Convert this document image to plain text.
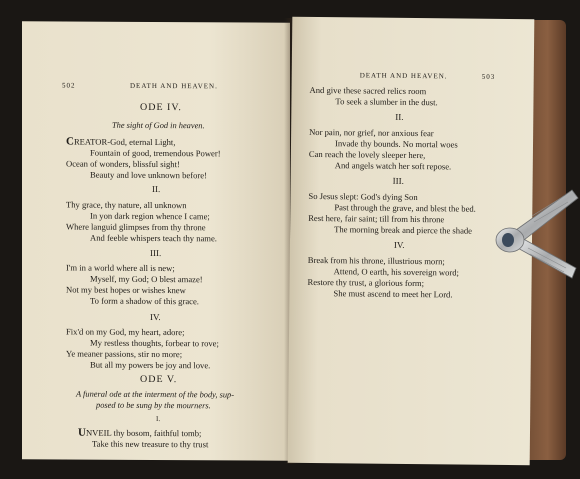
502	DEATH AND HEAVEN.
ODE IV.
The sight of God in heaven.
CREATOR-God, eternal Light,
Fountain of good, tremendous Power!
Ocean of wonders, blissful sight!
Beauty and love unknown before!
II.
Thy grace, thy nature, all unknown
In yon dark region whence I came;
Where languid glimpses from thy throne
And feeble whispers teach thy name.
III.
I'm in a world where all is new;
Myself, my God; O blest amaze!
Not my best hopes or wishes knew
To form a shadow of this grace.
IV.
Fix'd on my God, my heart, adore;
My restless thoughts, forbear to rove;
Ye meaner passions, stir no more;
But all my powers be joy and love.
ODE V.
A funeral ode at the interment of the body, sup-
posed to be sung by the mourners.
I.
UNVEIL thy bosom, faithful tomb;
Take this new treasure to thy trust
DEATH AND HEAVEN.	503
And give these sacred relics room
To seek a slumber in the dust.
II.
Nor pain, nor grief, nor anxious fear
Invade thy bounds. No mortal woes
Can reach the lovely sleeper here,
And angels watch her soft repose.
III.
So Jesus slept: God's dying Son
Past through the grave, and blest the bed.
Rest here, fair saint; till from his throne
The morning break and pierce the shade
IV.
Break from his throne, illustrious morn;
Attend, O earth, his sovereign word;
Restore thy trust, a glorious form;
She must ascend to meet her Lord.
